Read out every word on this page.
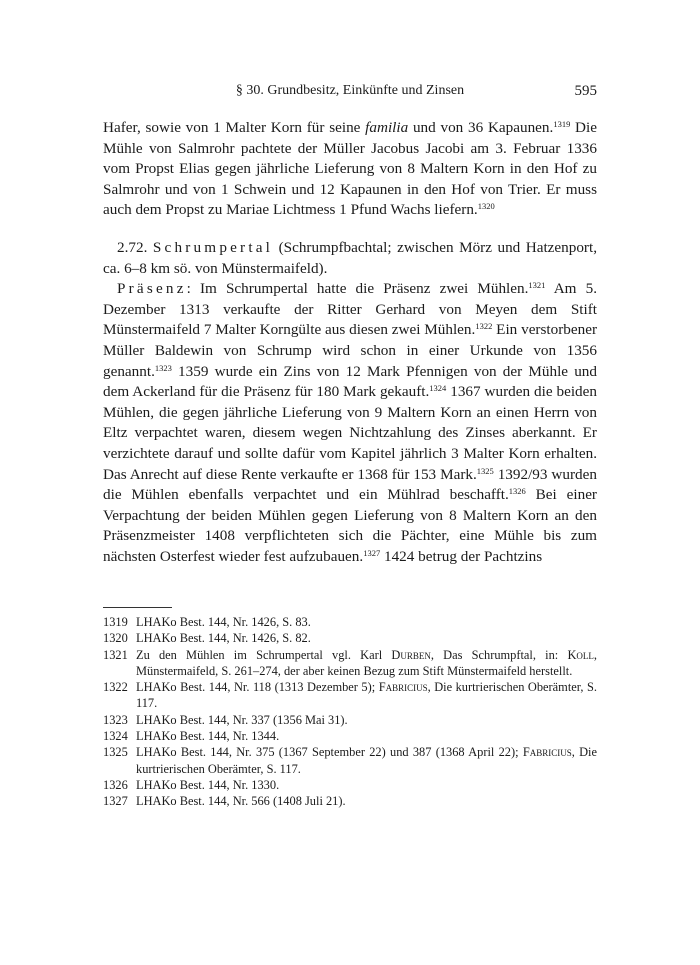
§ 30. Grundbesitz, Einkünfte und Zinsen	595

Hafer, sowie von 1 Malter Korn für seine familia und von 36 Kapaunen.$^{1319}$ Die Mühle von Salmrohr pachtete der Müller Jacobus Jacobi am 3. Februar 1336 vom Propst Elias gegen jährliche Lieferung von 8 Maltern Korn in den Hof zu Salmrohr und von 1 Schwein und 12 Kapaunen in den Hof von Trier. Er muss auch dem Propst zu Mariae Lichtmess 1 Pfund Wachs liefern.$^{1320}$

2.72. Schrumpertal (Schrumpfbachtal; zwischen Mörz und Hatzenport, ca. 6–8 km sö. von Münstermaifeld).

Präsenz: Im Schrumpertal hatte die Präsenz zwei Mühlen.$^{1321}$ Am 5. Dezember 1313 verkaufte der Ritter Gerhard von Meyen dem Stift Münstermaifeld 7 Malter Korngülte aus diesen zwei Mühlen.$^{1322}$ Ein verstorbener Müller Baldewin von Schrump wird schon in einer Urkunde von 1356 genannt.$^{1323}$ 1359 wurde ein Zins von 12 Mark Pfennigen von der Mühle und dem Ackerland für die Präsenz für 180 Mark gekauft.$^{1324}$ 1367 wurden die beiden Mühlen, die gegen jährliche Lieferung von 9 Maltern Korn an einen Herrn von Eltz verpachtet waren, diesem wegen Nichtzahlung des Zinses aberkannt. Er verzichtete darauf und sollte dafür vom Kapitel jährlich 3 Malter Korn erhalten. Das Anrecht auf diese Rente verkaufte er 1368 für 153 Mark.$^{1325}$ 1392/93 wurden die Mühlen ebenfalls verpachtet und ein Mühlrad beschafft.$^{1326}$ Bei einer Verpachtung der beiden Mühlen gegen Lieferung von 8 Maltern Korn an den Präsenzmeister 1408 verpflichteten sich die Pächter, eine Mühle bis zum nächsten Osterfest wieder fest aufzubauen.$^{1327}$ 1424 betrug der Pachtzins

1319 LHAKo Best. 144, Nr. 1426, S. 83.
1320 LHAKo Best. 144, Nr. 1426, S. 82.
1321 Zu den Mühlen im Schrumpertal vgl. Karl Durben, Das Schrumpftal, in: Koll, Münstermaifeld, S. 261–274, der aber keinen Bezug zum Stift Münstermaifeld herstellt.
1322 LHAKo Best. 144, Nr. 118 (1313 Dezember 5); Fabricius, Die kurtrierischen Oberämter, S. 117.
1323 LHAKo Best. 144, Nr. 337 (1356 Mai 31).
1324 LHAKo Best. 144, Nr. 1344.
1325 LHAKo Best. 144, Nr. 375 (1367 September 22) und 387 (1368 April 22); Fabricius, Die kurtrierischen Oberämter, S. 117.
1326 LHAKo Best. 144, Nr. 1330.
1327 LHAKo Best. 144, Nr. 566 (1408 Juli 21).
